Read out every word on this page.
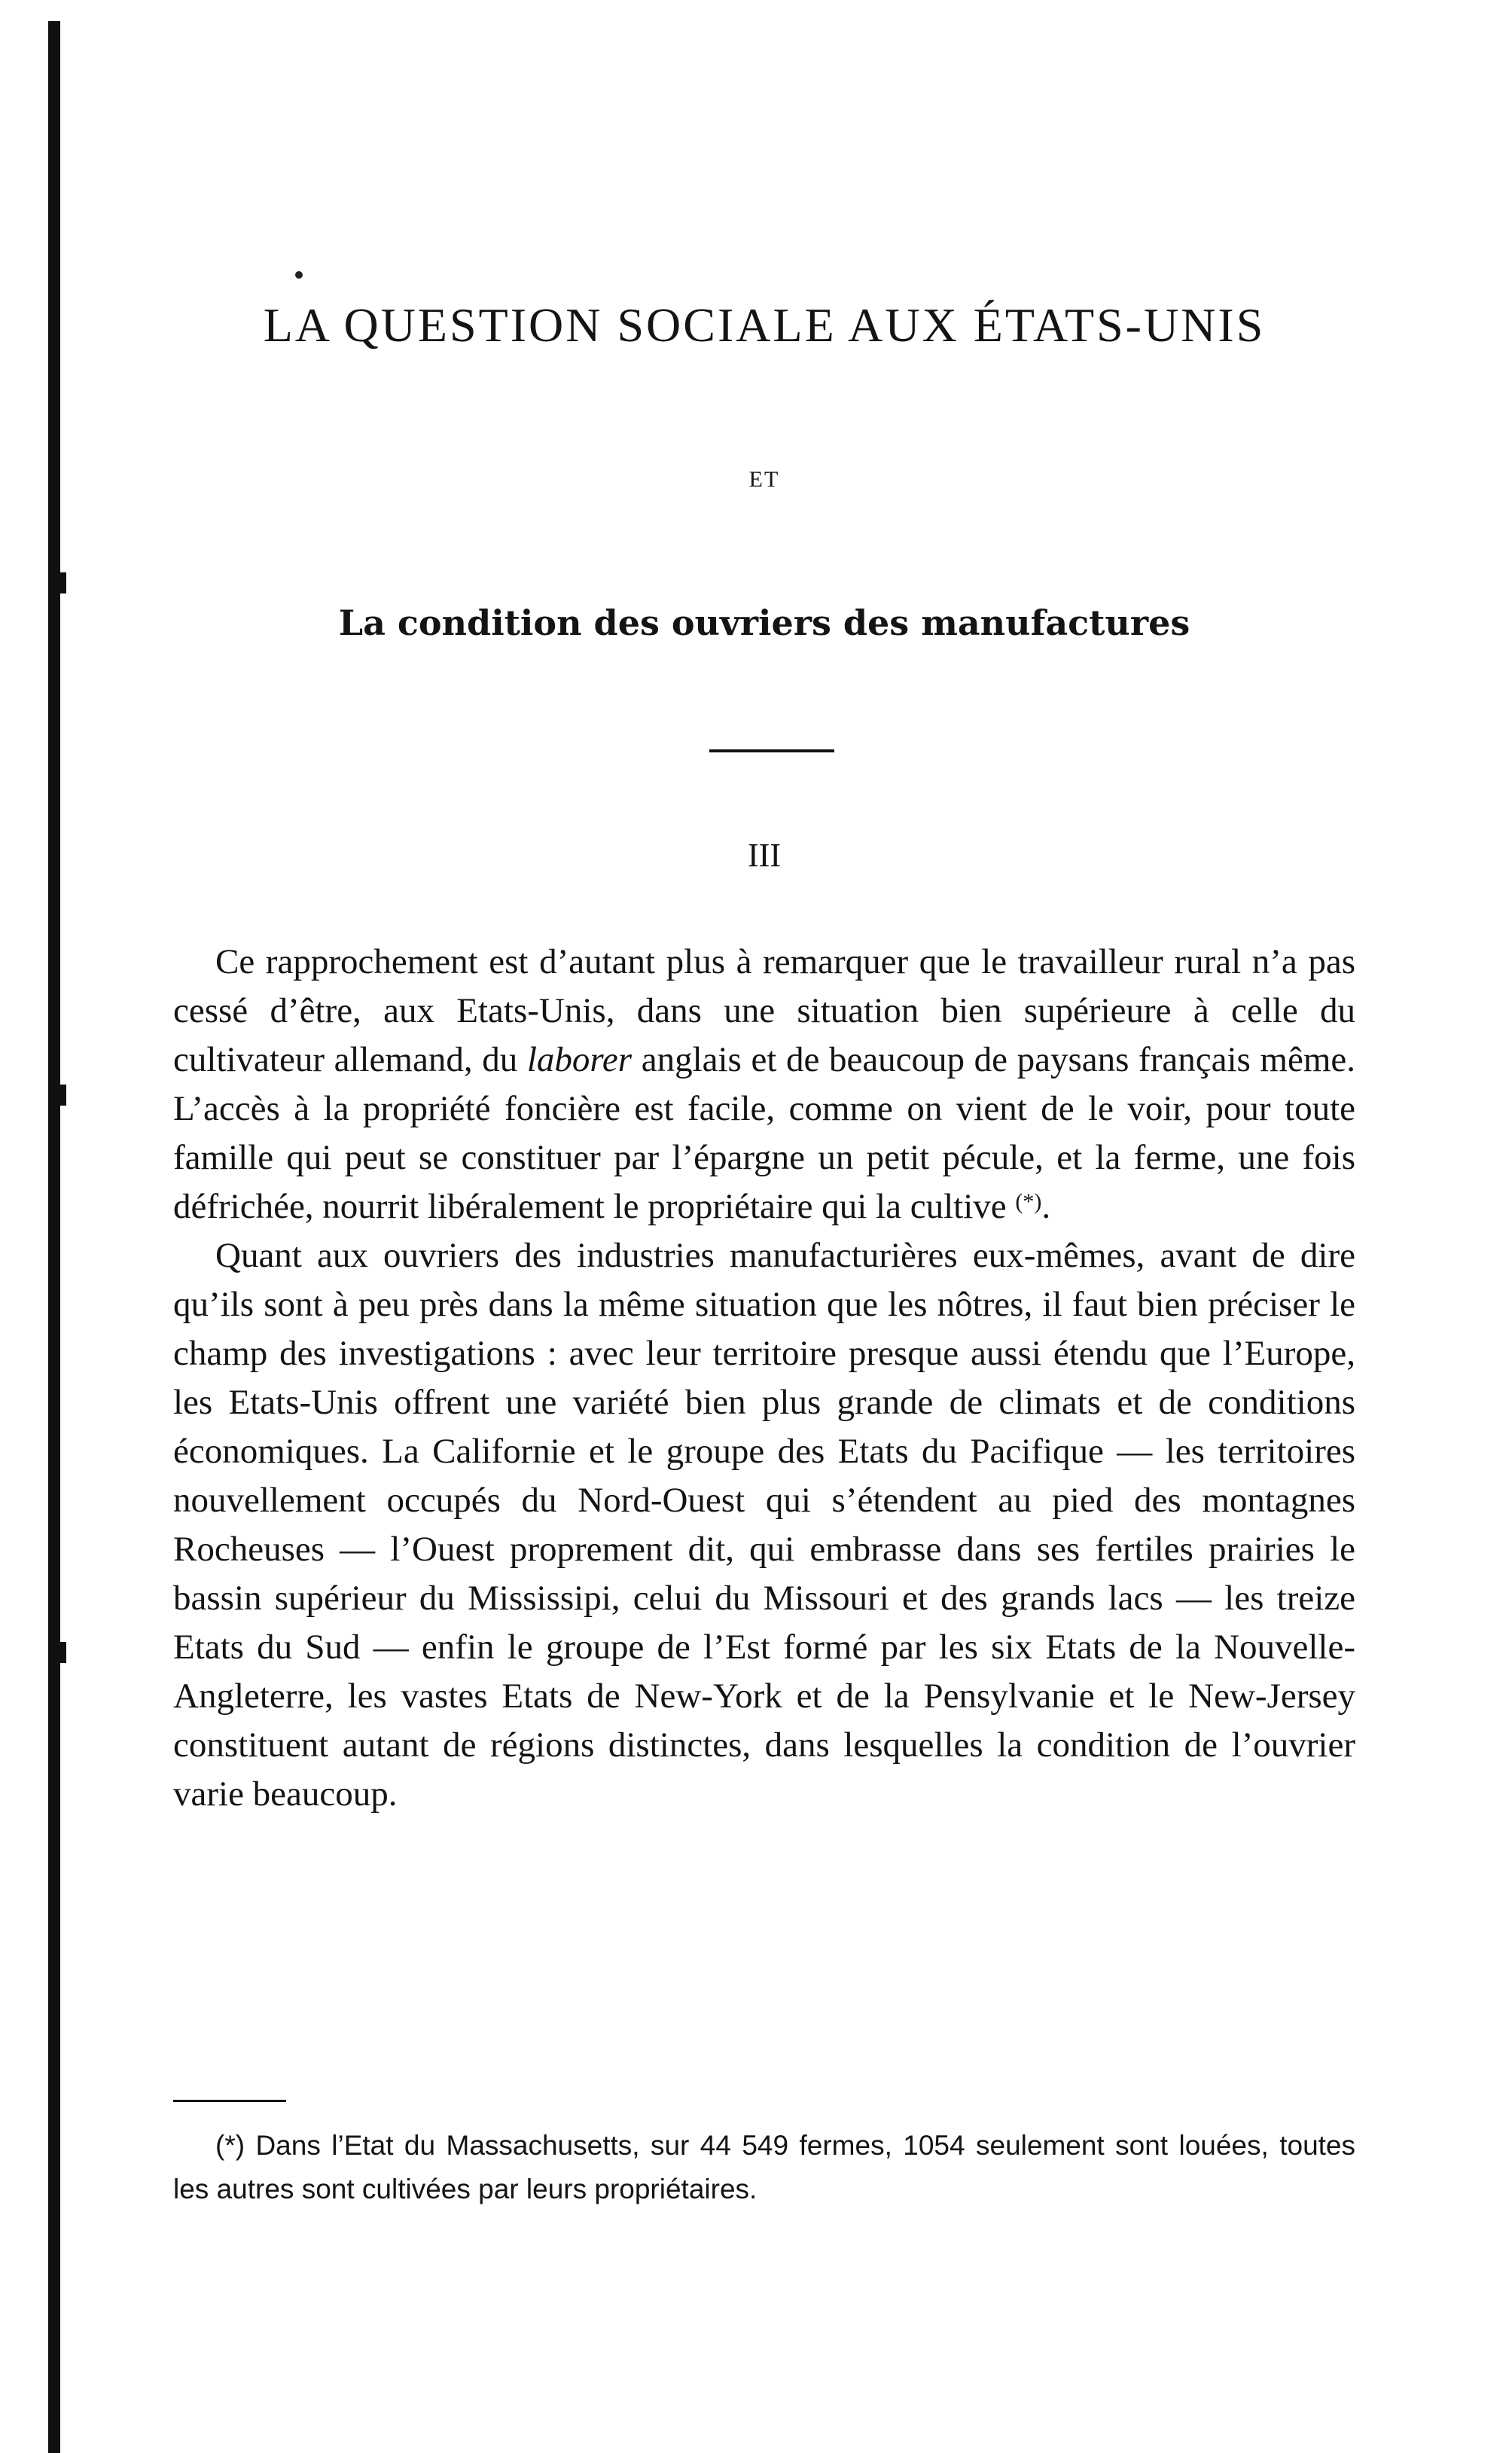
LA QUESTION SOCIALE AUX ÉTATS-UNIS

ET

La condition des ouvriers des manufactures

III

Ce rapprochement est d’autant plus à remarquer que le travailleur rural n’a pas cessé d’être, aux Etats-Unis, dans une situation bien supérieure à celle du cultivateur allemand, du laborer anglais et de beaucoup de paysans français même. L’accès à la propriété foncière est facile, comme on vient de le voir, pour toute famille qui peut se constituer par l’épargne un petit pécule, et la ferme, une fois défrichée, nourrit libéralement le propriétaire qui la cultive (*).

Quant aux ouvriers des industries manufacturières eux-mêmes, avant de dire qu’ils sont à peu près dans la même situation que les nôtres, il faut bien préciser le champ des investigations : avec leur territoire presque aussi étendu que l’Europe, les Etats-Unis offrent une variété bien plus grande de climats et de conditions économiques. La Californie et le groupe des Etats du Pacifique — les territoires nouvellement occupés du Nord-Ouest qui s’étendent au pied des montagnes Rocheuses — l’Ouest proprement dit, qui embrasse dans ses fertiles prairies le bassin supérieur du Mississipi, celui du Missouri et des grands lacs — les treize Etats du Sud — enfin le groupe de l’Est formé par les six Etats de la Nouvelle-Angleterre, les vastes Etats de New-York et de la Pensylvanie et le New-Jersey constituent autant de régions distinctes, dans lesquelles la condition de l’ouvrier varie beaucoup.

(*) Dans l’Etat du Massachusetts, sur 44 549 fermes, 1054 seulement sont louées, toutes les autres sont cultivées par leurs propriétaires.
